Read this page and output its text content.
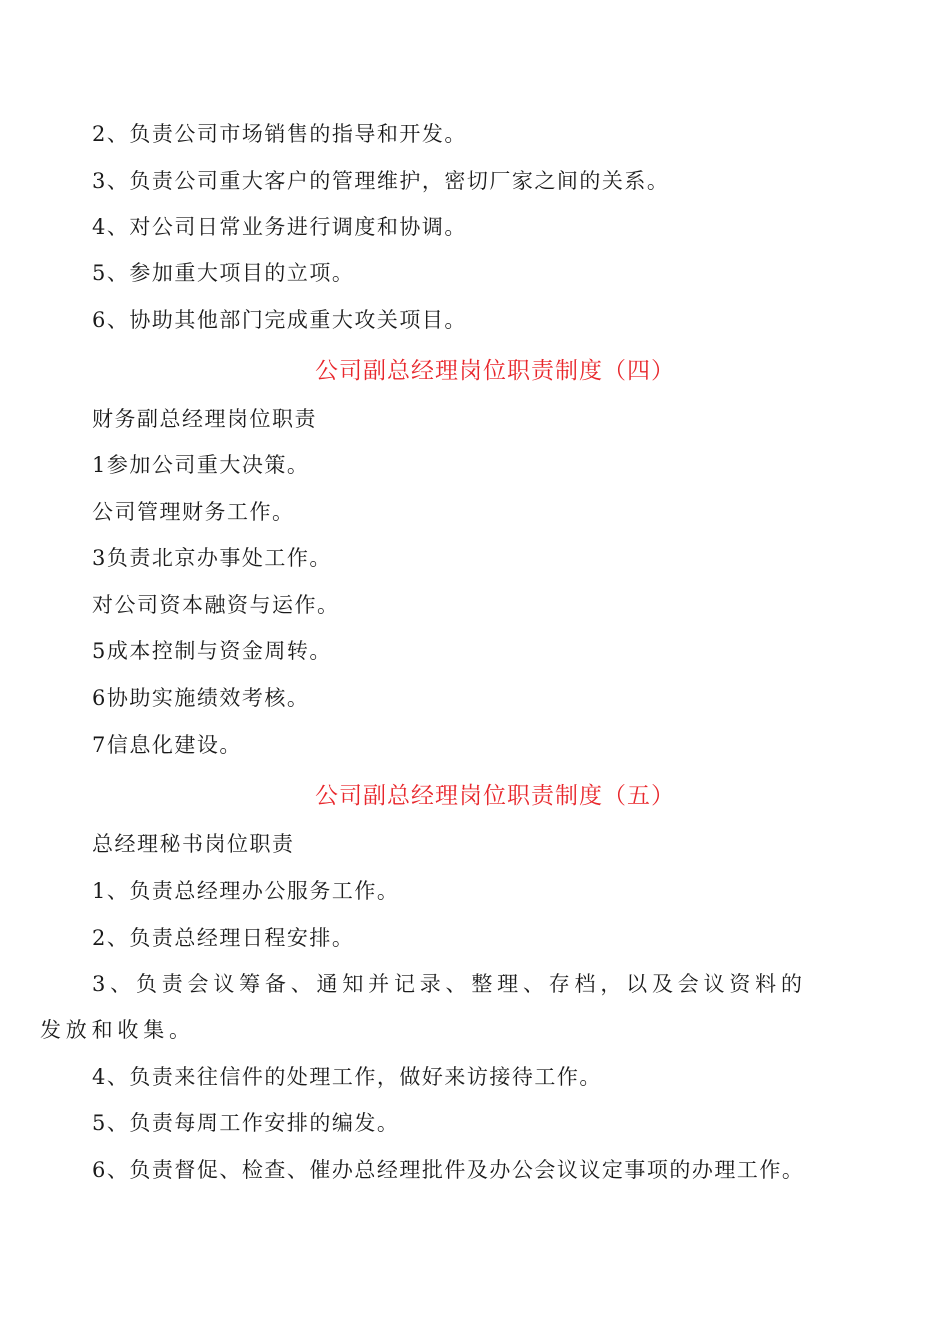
2、负责公司市场销售的指导和开发。
3、负责公司重大客户的管理维护，密切厂家之间的关系。
4、对公司日常业务进行调度和协调。
5、参加重大项目的立项。
6、协助其他部门完成重大攻关项目。
公司副总经理岗位职责制度（四）
财务副总经理岗位职责
1参加公司重大决策。
公司管理财务工作。
3负责北京办事处工作。
对公司资本融资与运作。
5成本控制与资金周转。
6协助实施绩效考核。
7信息化建设。
公司副总经理岗位职责制度（五）
总经理秘书岗位职责
1、负责总经理办公服务工作。
2、负责总经理日程安排。
3、负责会议筹备、通知并记录、整理、存档，以及会议资料的发放和收集。
4、负责来往信件的处理工作，做好来访接待工作。
5、负责每周工作安排的编发。
6、负责督促、检查、催办总经理批件及办公会议议定事项的办理工作。
